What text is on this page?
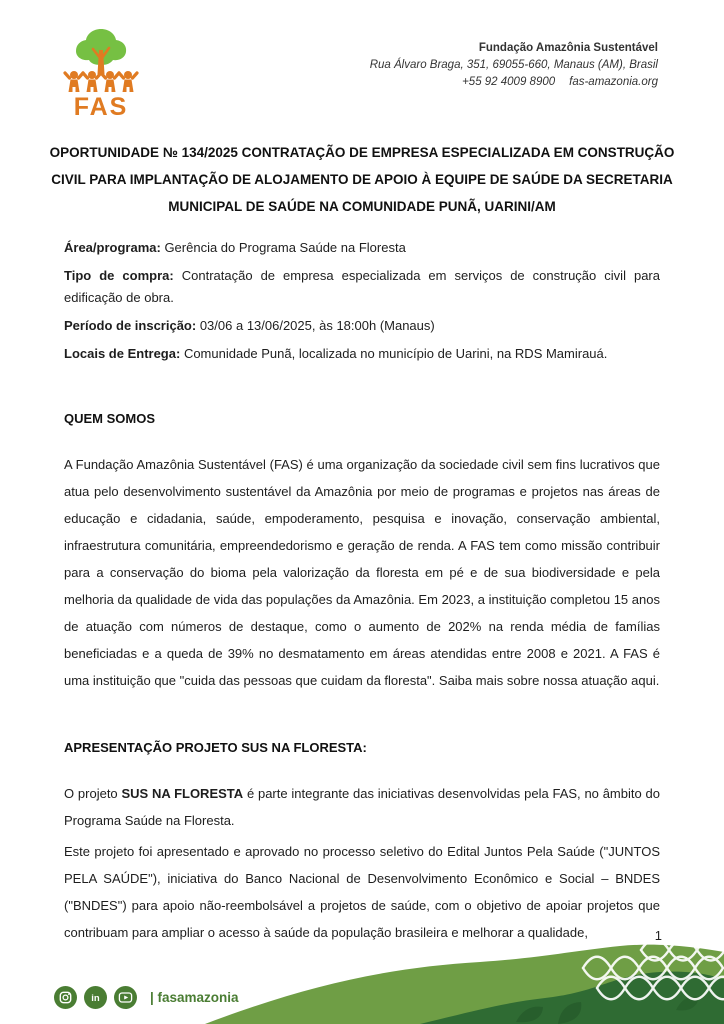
FAS
Fundação Amazônia Sustentável
Rua Álvaro Braga, 351, 69055-660, Manaus (AM), Brasil
+55 92 4009 8900 fas-amazonia.org
OPORTUNIDADE № 134/2025 CONTRATAÇÃO DE EMPRESA ESPECIALIZADA EM CONSTRUÇÃO CIVIL PARA IMPLANTAÇÃO DE ALOJAMENTO DE APOIO À EQUIPE DE SAÚDE DA SECRETARIA MUNICIPAL DE SAÚDE NA COMUNIDADE PUNÃ, UARINI/AM
Área/programa: Gerência do Programa Saúde na Floresta
Tipo de compra: Contratação de empresa especializada em serviços de construção civil para edificação de obra.
Período de inscrição: 03/06 a 13/06/2025, às 18:00h (Manaus)
Locais de Entrega: Comunidade Punã, localizada no município de Uarini, na RDS Mamirauá.
QUEM SOMOS

A Fundação Amazônia Sustentável (FAS) é uma organização da sociedade civil sem fins lucrativos que atua pelo desenvolvimento sustentável da Amazônia por meio de programas e projetos nas áreas de educação e cidadania, saúde, empoderamento, pesquisa e inovação, conservação ambiental, infraestrutura comunitária, empreendedorismo e geração de renda. A FAS tem como missão contribuir para a conservação do bioma pela valorização da floresta em pé e de sua biodiversidade e pela melhoria da qualidade de vida das populações da Amazônia. Em 2023, a instituição completou 15 anos de atuação com números de destaque, como o aumento de 202% na renda média de famílias beneficiadas e a queda de 39% no desmatamento em áreas atendidas entre 2008 e 2021. A FAS é uma instituição que "cuida das pessoas que cuidam da floresta". Saiba mais sobre nossa atuação aqui.

APRESENTAÇÃO PROJETO SUS NA FLORESTA:

O projeto SUS NA FLORESTA é parte integrante das iniciativas desenvolvidas pela FAS, no âmbito do Programa Saúde na Floresta.

Este projeto foi apresentado e aprovado no processo seletivo do Edital Juntos Pela Saúde ("JUNTOS PELA SAÚDE"), iniciativa do Banco Nacional de Desenvolvimento Econômico e Social – BNDES ("BNDES") para apoio não-reembolsável a projetos de saúde, com o objetivo de apoiar projetos que contribuam para ampliar o acesso à saúde da população brasileira e melhorar a qualidade,	1
in	| fasamazonia
